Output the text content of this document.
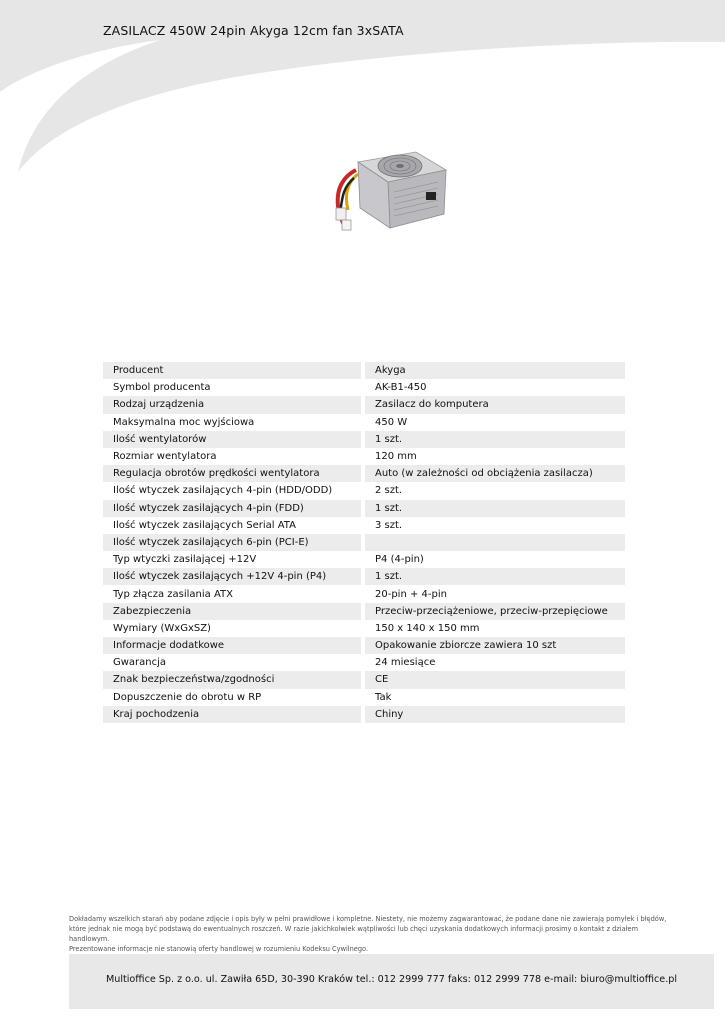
ZASILACZ 450W 24pin Akyga 12cm fan 3xSATA
Producent		Akyga
Symbol producenta		AK-B1-450
Rodzaj urządzenia		Zasilacz do komputera
Maksymalna moc wyjściowa		450 W
Ilość wentylatorów		1 szt.
Rozmiar wentylatora		120 mm
Regulacja obrotów prędkości wentylatora		Auto (w zależności od obciążenia zasilacza)
Ilość wtyczek zasilających 4-pin (HDD/ODD)		2 szt.
Ilość wtyczek zasilających 4-pin (FDD)		1 szt.
Ilość wtyczek zasilających Serial ATA		3 szt.
Ilość wtyczek zasilających 6-pin (PCI-E)		
Typ wtyczki zasilającej +12V		P4 (4-pin)
Ilość wtyczek zasilających +12V 4-pin (P4)		1 szt.
Typ złącza zasilania ATX		20-pin + 4-pin
Zabezpieczenia		Przeciw-przeciążeniowe, przeciw-przepięciowe
Wymiary (WxGxSZ)		150 x 140 x 150 mm
Informacje dodatkowe		Opakowanie zbiorcze zawiera 10 szt
Gwarancja		24 miesiące
Znak bezpieczeństwa/zgodności		CE
Dopuszczenie do obrotu w RP		Tak
Kraj pochodzenia		Chiny
Dokładamy wszelkich starań aby podane zdjęcie i opis były w pełni prawidłowe i kompletne. Niestety, nie możemy zagwarantować, że podane dane nie zawierają pomyłek i błędów,
które jednak nie mogą być podstawą do ewentualnych roszczeń. W razie jakichkolwiek wątpliwości lub chęci uzyskania dodatkowych informacji prosimy o kontakt z działem handlowym.
Prezentowane informacje nie stanowią oferty handlowej w rozumieniu Kodeksu Cywilnego.
Multioffice Sp. z o.o. ul. Zawiła 65D, 30-390 Kraków tel.: 012 2999 777 faks: 012 2999 778 e-mail: biuro@multioffice.pl
